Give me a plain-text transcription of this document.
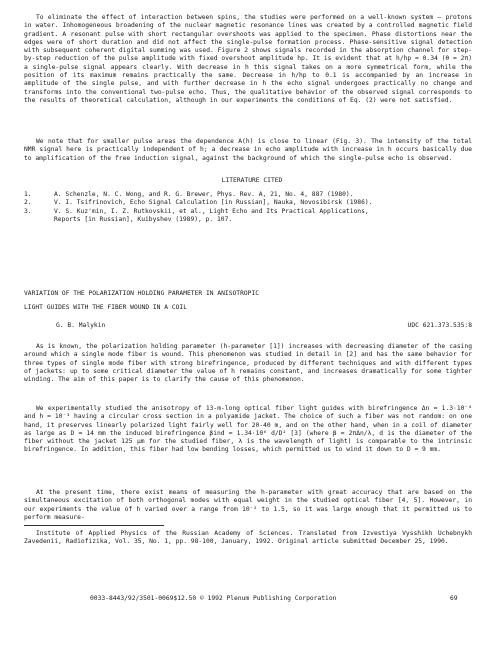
To eliminate the effect of interaction between spins, the studies were performed on a well-known system — protons in water. Inhomogeneous broadening of the nuclear magnetic resonance lines was created by a controlled magnetic field gradient. A resonant pulse with short rectangular overshoots was applied to the specimen. Phase distortions near the edges were of short duration and did not affect the single-pulse formation process. Phase-sensitive signal detection with subsequent coherent digital summing was used. Figure 2 shows signals recorded in the absorption channel for step-by-step reduction of the pulse amplitude with fixed overshoot amplitude hp. It is evident that at h/hp = 0.34 (θ = 2π) a single-pulse signal appears clearly. With decrease in h this signal takes on a more symmetrical form, while the position of its maximum remains practically the same. Decrease in h/hp to 0.1 is accompanied by an increase in amplitude of the single pulse, and with further decrease in h the echo signal undergoes practically no change and transforms into the conventional two-pulse echo. Thus, the qualitative behavior of the observed signal corresponds to the results of theoretical calculation, although in our experiments the conditions of Eq. (2) were not satisfied.

We note that for smaller pulse areas the dependence A(h) is close to linear (Fig. 3). The intensity of the total NMR signal here is practically independent of h; a decrease in echo amplitude with increase in h occurs basically due to amplification of the free induction signal, against the background of which the single-pulse echo is observed.

LITERATURE CITED
1.	A. Schenzle, N. C. Wong, and R. G. Brewer, Phys. Rev. A, 21, No. 4, 887 (1980).
2.	V. I. Tsifrinovich, Echo Signal Calculation [in Russian], Nauka, Novosibirsk (1986).
3.	V. S. Kuz'min, I. Z. Rutkovskii, et al., Light Echo and Its Practical Applications,
Reports [in Russian], Kuibyshev (1989), p. 107.
VARIATION OF THE POLARIZATION HOLDING PARAMETER IN ANISOTROPIC
LIGHT GUIDES WITH THE FIBER WOUND IN A COIL
G. B. Malykin	UDC 621.373.535:8

As is known, the polarization holding parameter (h-parameter [1]) increases with decreasing diameter of the casing around which a single mode fiber is wound. This phenomenon was studied in detail in [2] and has the same behavior for three types of single mode fiber with strong birefringence, produced by different techniques and with different types of jackets: up to some critical diameter the value of h remains constant, and increases dramatically for some tighter winding. The aim of this paper is to clarify the cause of this phenomenon.

We experimentally studied the anisotropy of 13-m-long optical fiber light guides with birefringence Δn = 1.3·10⁻⁴ and h = 10⁻³ having a circular cross section in a polyamide jacket. The choice of such a fiber was not random: on one hand, it preserves linearly polarized light fairly well for 20-40 m, and on the other hand, when in a coil of diameter as large as D = 14 mm the induced birefringence βind = 1.34·10⁶ d/D² [3] (where β = 2πΔn/λ, d is the diameter of the fiber without the jacket 125 μm for the studied fiber, λ is the wavelength of light) is comparable to the intrinsic birefringence. In addition, this fiber had low bending losses, which permitted us to wind it down to D = 9 mm.

At the present time, there exist means of measuring the h-parameter with great accuracy that are based on the simultaneous excitation of both orthogonal modes with equal weight in the studied optical fiber [4, 5]. However, in our experiments the value of h varied over a range from 10⁻² to 1.5, so it was large enough that it permitted us to perform measure-

Institute of Applied Physics of the Russian Academy of Sciences. Translated from Izvestiya Vysshikh Uchebnykh Zavedenii, Radiofizika, Vol. 35, No. 1, pp. 98-100, January, 1992. Original article submitted December 25, 1990.

0033-8443/92/3501-0069$12.50 © 1992 Plenum Publishing Corporation	69
